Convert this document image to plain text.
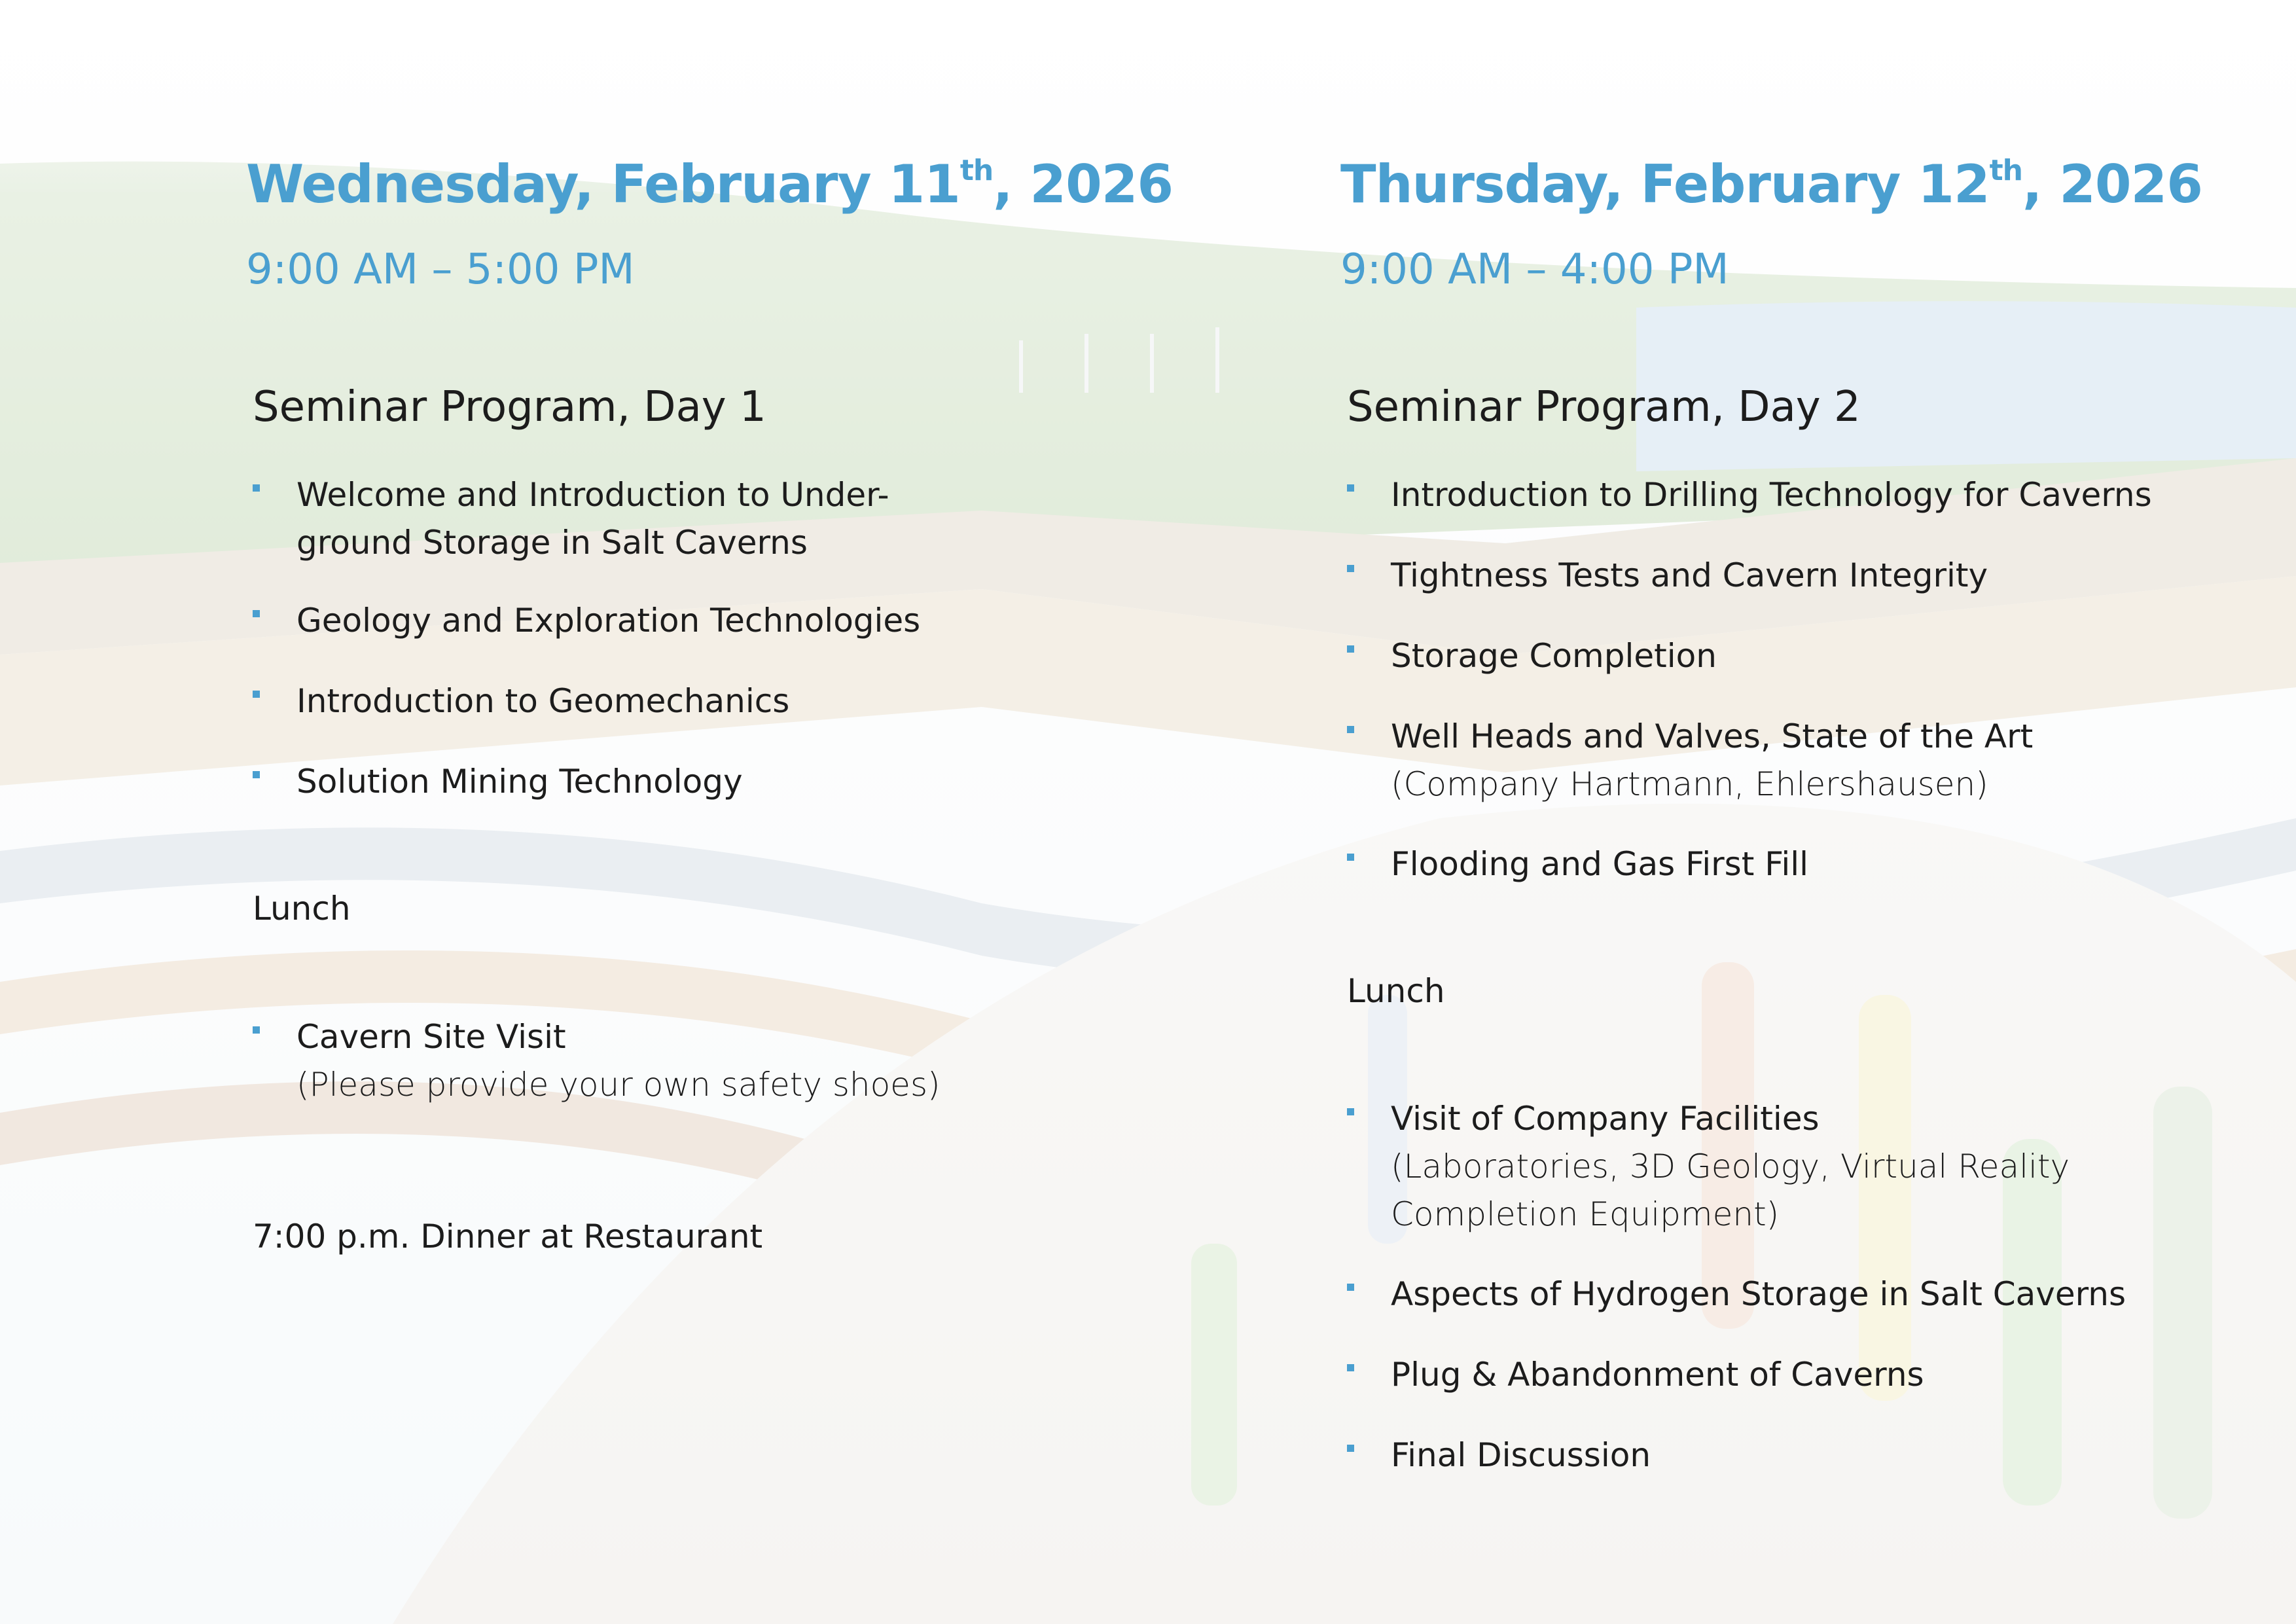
Wednesday, February 11th, 2026
9:00 AM – 5:00 PM
Seminar Program, Day 1
Welcome and Introduction to Under-
ground Storage in Salt Caverns
Geology and Exploration Technologies
Introduction to Geomechanics
Solution Mining Technology
Lunch
Cavern Site Visit
(Please provide your own safety shoes)
7:00 p.m. Dinner at Restaurant
Thursday, February 12th, 2026
9:00 AM – 4:00 PM
Seminar Program, Day 2
Introduction to Drilling Technology for Caverns
Tightness Tests and Cavern Integrity
Storage Completion
Well Heads and Valves, State of the Art
(Company Hartmann, Ehlershausen)
Flooding and Gas First Fill
Lunch
Visit of Company Facilities
(Laboratories, 3D Geology, Virtual Reality
Completion Equipment)
Aspects of Hydrogen Storage in Salt Caverns
Plug & Abandonment of Caverns
Final Discussion
